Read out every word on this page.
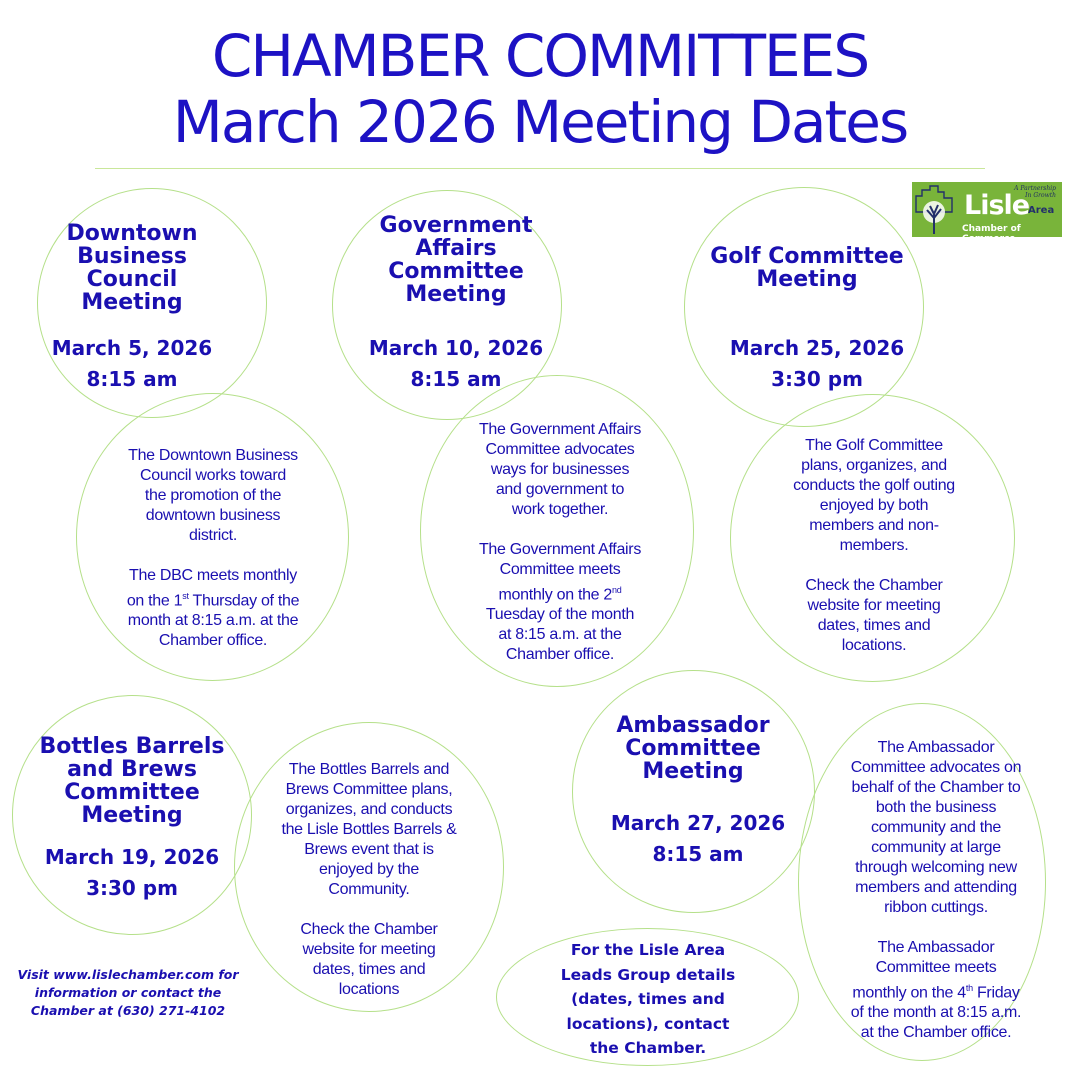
CHAMBER COMMITTEES
March 2026 Meeting Dates
A Partnership
In Growth
Lisle
Area
Chamber of Commerce
Downtown
Business
Council
Meeting
March 5, 2026
8:15 am

The Downtown Business
Council works toward
the promotion of the
downtown business
district.

The DBC meets monthly
on the 1st Thursday of the
month at 8:15 a.m. at the
Chamber office.

Government
Affairs
Committee
Meeting
March 10, 2026
8:15 am

The Government Affairs
Committee advocates
ways for businesses
and government to
work together.

The Government Affairs
Committee meets
monthly on the 2nd
Tuesday of the month
at 8:15 a.m. at the
Chamber office.

Golf Committee
Meeting
March 25, 2026
3:30 pm

The Golf Committee
plans, organizes, and
conducts the golf outing
enjoyed by both
members and non-
members.

Check the Chamber
website for meeting
dates, times and
locations.

Bottles Barrels
and Brews
Committee
Meeting
March 19, 2026
3:30 pm

The Bottles Barrels and
Brews Committee plans,
organizes, and conducts
the Lisle Bottles Barrels &
Brews event that is
enjoyed by the
Community.

Check the Chamber
website for meeting
dates, times and
locations

Ambassador
Committee
Meeting
March 27, 2026
8:15 am

The Ambassador
Committee advocates on
behalf of the Chamber to
both the business
community and the
community at large
through welcoming new
members and attending
ribbon cuttings.

The Ambassador
Committee meets
monthly on the 4th Friday
of the month at 8:15 a.m.
at the Chamber office.

For the Lisle Area
Leads Group details
(dates, times and
locations), contact
the Chamber.
Visit www.lislechamber.com for
information or contact the
Chamber at (630) 271-4102
